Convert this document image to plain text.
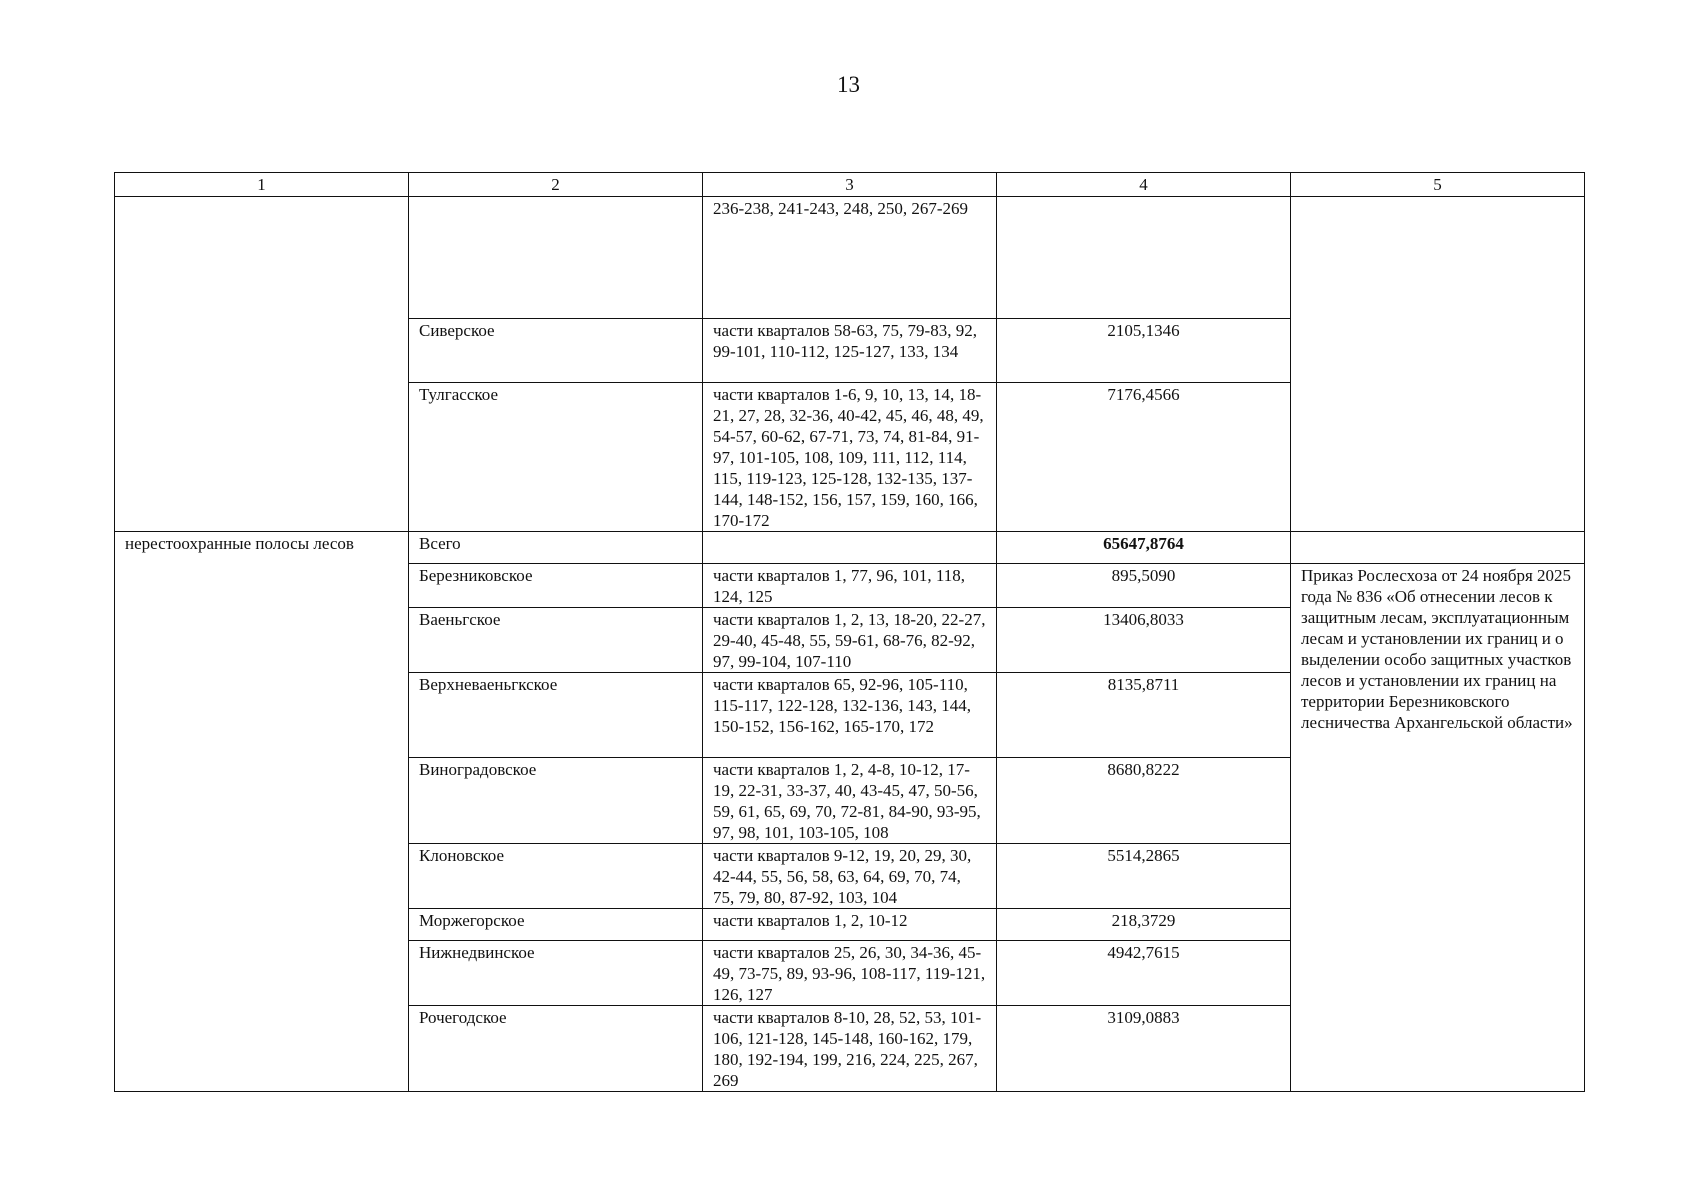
13
1	2	3	4	5
		236-238, 241-243, 248, 250, 267-269		
	Сиверское	части кварталов 58-63, 75, 79-83, 92, 99-101, 110-112, 125-127, 133, 134	2105,1346	
	Тулгасское	части кварталов 1-6, 9, 10, 13, 14, 18-21, 27, 28, 32-36, 40-42, 45, 46, 48, 49, 54-57, 60-62, 67-71, 73, 74, 81-84, 91-97, 101-105, 108, 109, 111, 112, 114, 115, 119-123, 125-128, 132-135, 137-144, 148-152, 156, 157, 159, 160, 166, 170-172	7176,4566	
нерестоохранные полосы лесов	Всего		65647,8764	
	Березниковское	части кварталов 1, 77, 96, 101, 118, 124, 125	895,5090	Приказ Рослесхоза от 24 ноября 2025 года № 836 «Об отнесении лесов к защитным лесам, эксплуатационным лесам и установлении их границ и о выделении особо защитных участков лесов и установлении их границ на территории Березниковского лесничества Архангельской области»
	Ваеньгское	части кварталов 1, 2, 13, 18-20, 22-27, 29-40, 45-48, 55, 59-61, 68-76, 82-92, 97, 99-104, 107-110	13406,8033	
	Верхневаеньгкское	части кварталов 65, 92-96, 105-110, 115-117, 122-128, 132-136, 143, 144, 150-152, 156-162, 165-170, 172	8135,8711	
	Виноградовское	части кварталов 1, 2, 4-8, 10-12, 17-19, 22-31, 33-37, 40, 43-45, 47, 50-56, 59, 61, 65, 69, 70, 72-81, 84-90, 93-95, 97, 98, 101, 103-105, 108	8680,8222	
	Клоновское	части кварталов 9-12, 19, 20, 29, 30, 42-44, 55, 56, 58, 63, 64, 69, 70, 74, 75, 79, 80, 87-92, 103, 104	5514,2865	
	Моржегорское	части кварталов 1, 2, 10-12	218,3729	
	Нижнедвинское	части кварталов 25, 26, 30, 34-36, 45-49, 73-75, 89, 93-96, 108-117, 119-121, 126, 127	4942,7615	
	Рочегодское	части кварталов 8-10, 28, 52, 53, 101-106, 121-128, 145-148, 160-162, 179, 180, 192-194, 199, 216, 224, 225, 267, 269	3109,0883	
